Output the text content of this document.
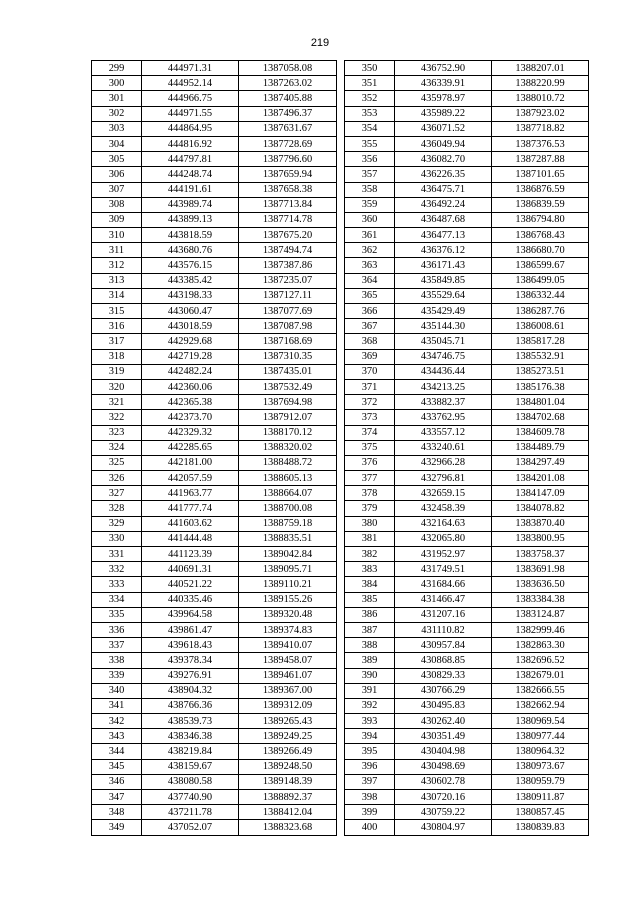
219
299	444971.31	1387058.08
300	444952.14	1387263.02
301	444966.75	1387405.88
302	444971.55	1387496.37
303	444864.95	1387631.67
304	444816.92	1387728.69
305	444797.81	1387796.60
306	444248.74	1387659.94
307	444191.61	1387658.38
308	443989.74	1387713.84
309	443899.13	1387714.78
310	443818.59	1387675.20
311	443680.76	1387494.74
312	443576.15	1387387.86
313	443385.42	1387235.07
314	443198.33	1387127.11
315	443060.47	1387077.69
316	443018.59	1387087.98
317	442929.68	1387168.69
318	442719.28	1387310.35
319	442482.24	1387435.01
320	442360.06	1387532.49
321	442365.38	1387694.98
322	442373.70	1387912.07
323	442329.32	1388170.12
324	442285.65	1388320.02
325	442181.00	1388488.72
326	442057.59	1388605.13
327	441963.77	1388664.07
328	441777.74	1388700.08
329	441603.62	1388759.18
330	441444.48	1388835.51
331	441123.39	1389042.84
332	440691.31	1389095.71
333	440521.22	1389110.21
334	440335.46	1389155.26
335	439964.58	1389320.48
336	439861.47	1389374.83
337	439618.43	1389410.07
338	439378.34	1389458.07
339	439276.91	1389461.07
340	438904.32	1389367.00
341	438766.36	1389312.09
342	438539.73	1389265.43
343	438346.38	1389249.25
344	438219.84	1389266.49
345	438159.67	1389248.50
346	438080.58	1389148.39
347	437740.90	1388892.37
348	437211.78	1388412.04
349	437052.07	1388323.68
350	436752.90	1388207.01
351	436339.91	1388220.99
352	435978.97	1388010.72
353	435989.22	1387923.02
354	436071.52	1387718.82
355	436049.94	1387376.53
356	436082.70	1387287.88
357	436226.35	1387101.65
358	436475.71	1386876.59
359	436492.24	1386839.59
360	436487.68	1386794.80
361	436477.13	1386768.43
362	436376.12	1386680.70
363	436171.43	1386599.67
364	435849.85	1386499.05
365	435529.64	1386332.44
366	435429.49	1386287.76
367	435144.30	1386008.61
368	435045.71	1385817.28
369	434746.75	1385532.91
370	434436.44	1385273.51
371	434213.25	1385176.38
372	433882.37	1384801.04
373	433762.95	1384702.68
374	433557.12	1384609.78
375	433240.61	1384489.79
376	432966.28	1384297.49
377	432796.81	1384201.08
378	432659.15	1384147.09
379	432458.39	1384078.82
380	432164.63	1383870.40
381	432065.80	1383800.95
382	431952.97	1383758.37
383	431749.51	1383691.98
384	431684.66	1383636.50
385	431466.47	1383384.38
386	431207.16	1383124.87
387	431110.82	1382999.46
388	430957.84	1382863.30
389	430868.85	1382696.52
390	430829.33	1382679.01
391	430766.29	1382666.55
392	430495.83	1382662.94
393	430262.40	1380969.54
394	430351.49	1380977.44
395	430404.98	1380964.32
396	430498.69	1380973.67
397	430602.78	1380959.79
398	430720.16	1380911.87
399	430759.22	1380857.45
400	430804.97	1380839.83
